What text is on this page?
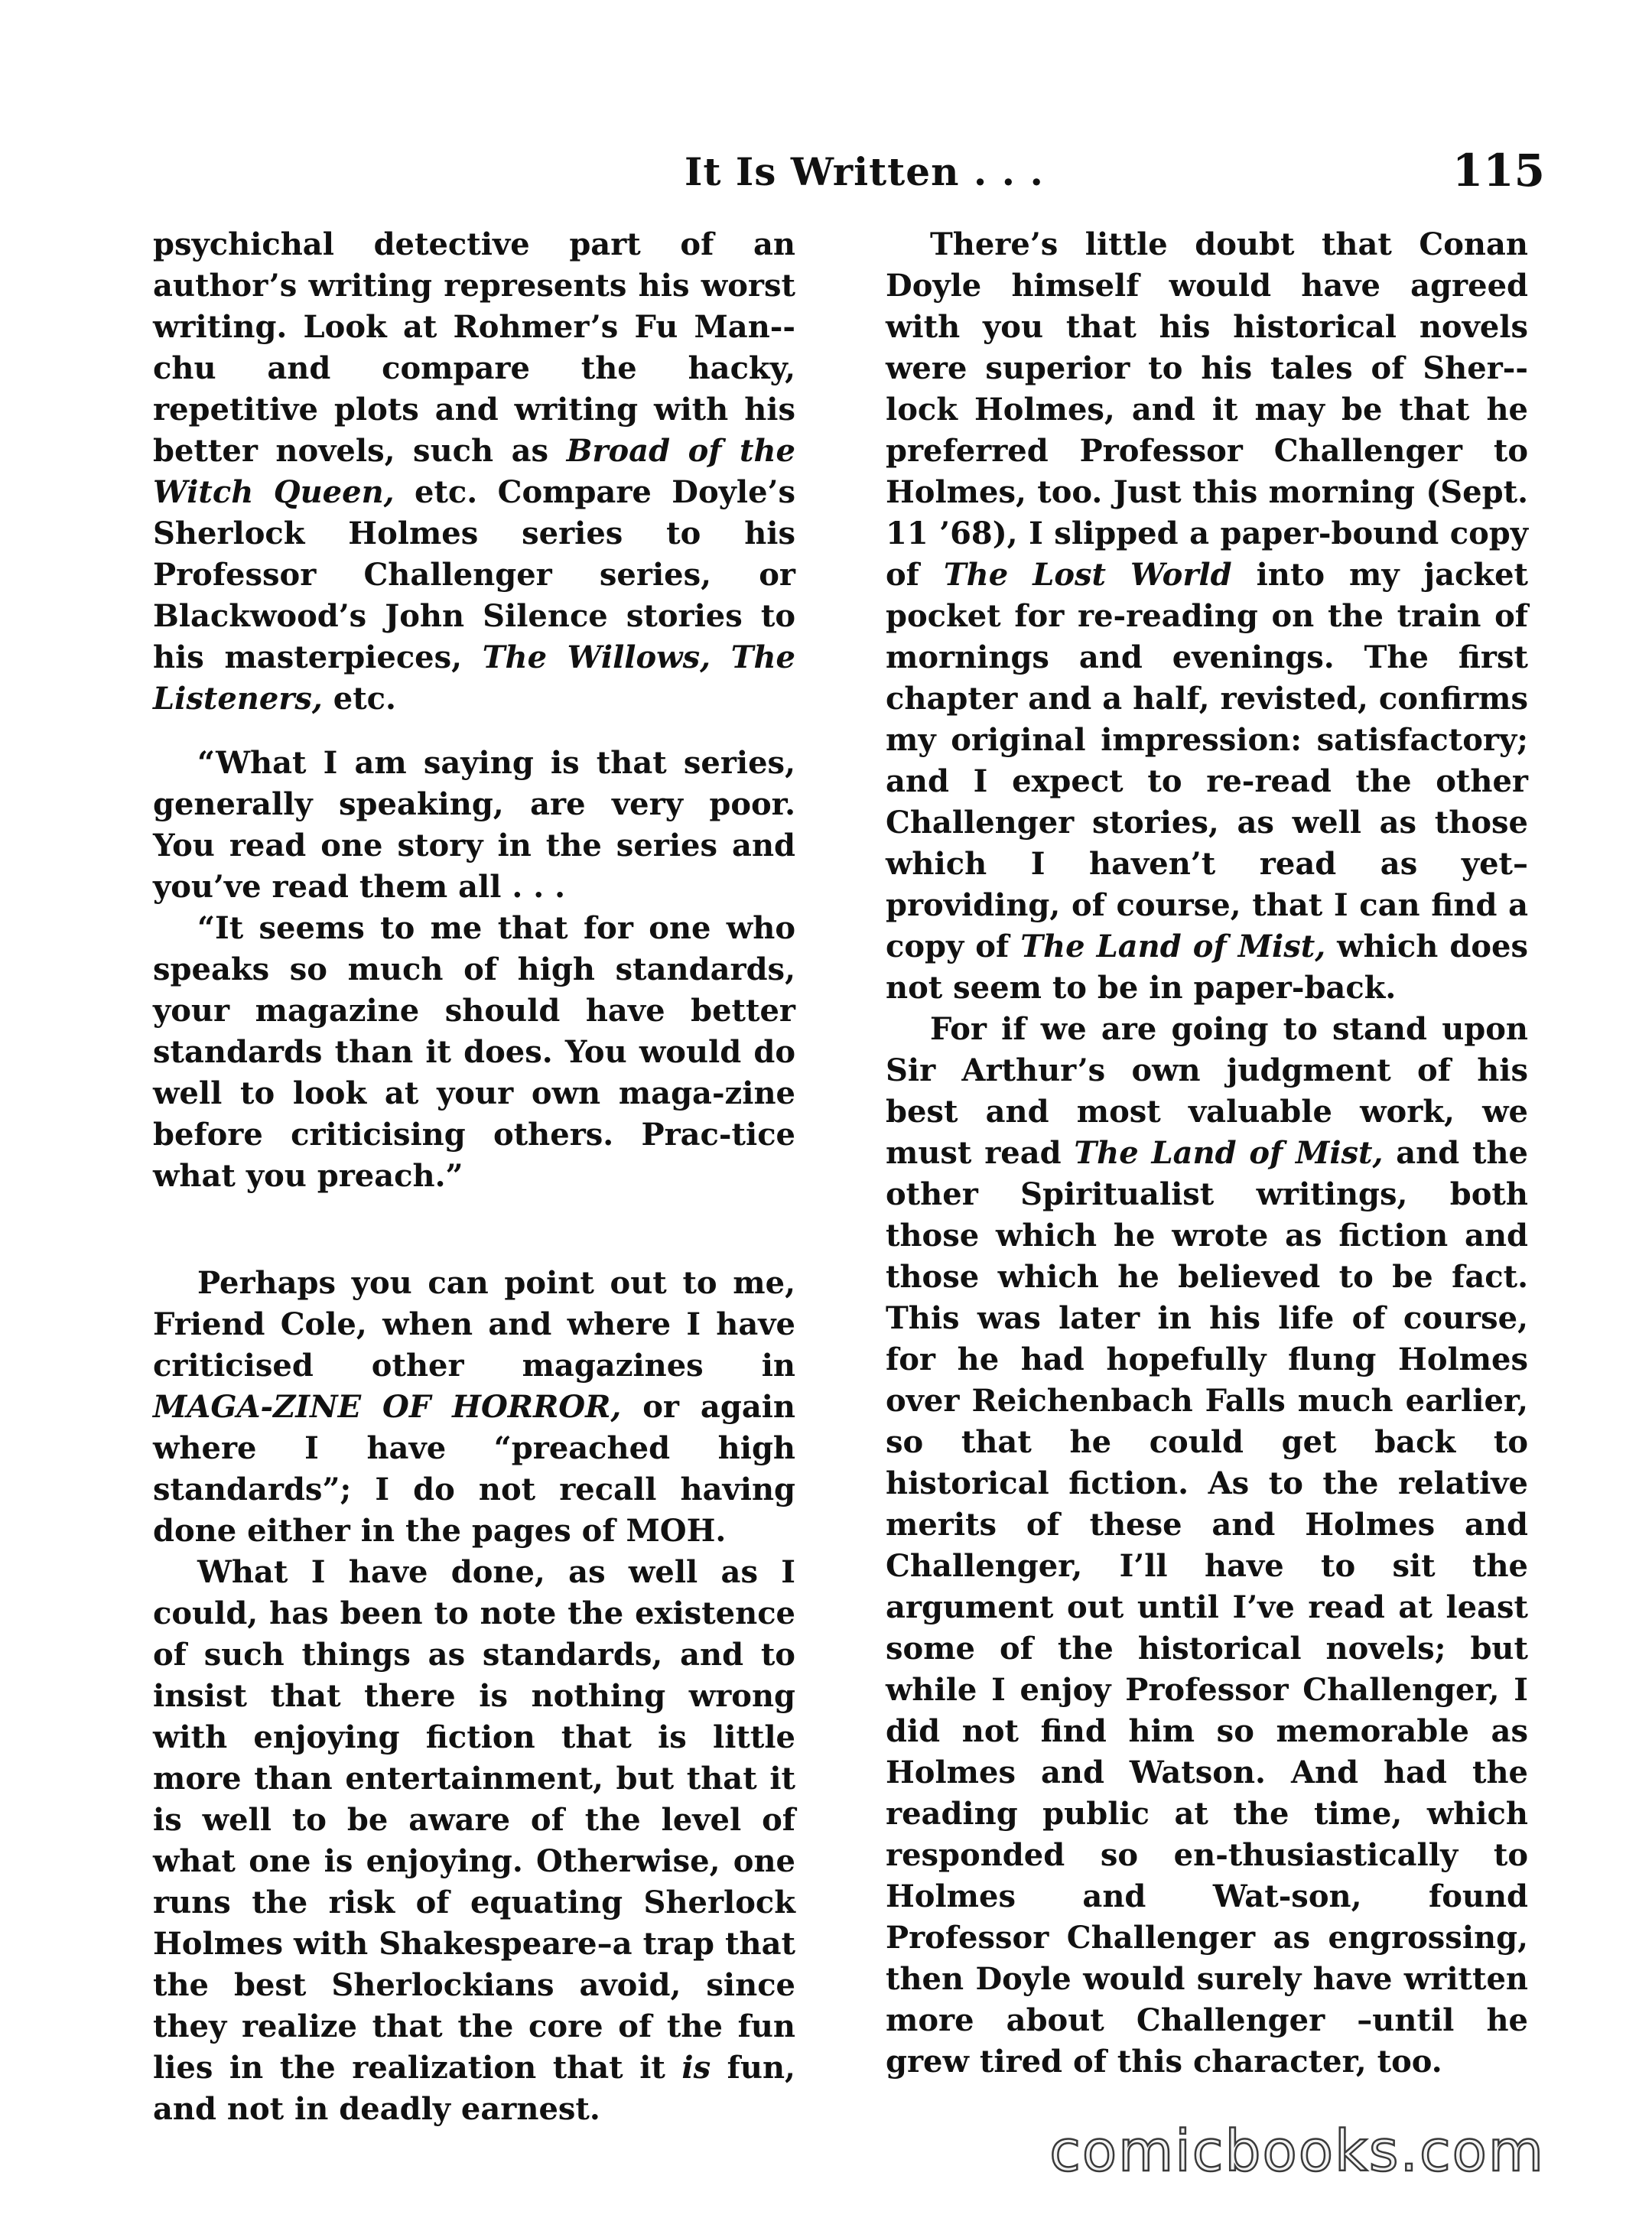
It Is Written . . .	115

psychichal detective part of an author’s writing represents his worst writing. Look at Rohmer’s Fu Man-chu and compare the hacky, repetitive plots and writing with his better novels, such as Broad of the Witch Queen, etc. Compare Doyle’s Sherlock Holmes series to his Professor Challenger series, or Blackwood’s John Silence stories to his masterpieces, The Willows, The Listeners, etc.

“What I am saying is that series, generally speaking, are very poor. You read one story in the series and you’ve read them all . . .

“It seems to me that for one who speaks so much of high standards, your magazine should have better standards than it does. You would do well to look at your own maga-zine before criticising others. Prac-tice what you preach.”

Perhaps you can point out to me, Friend Cole, when and where I have criticised other magazines in MAGA-ZINE OF HORROR, or again where I have “preached high standards”; I do not recall having done either in the pages of MOH.

What I have done, as well as I could, has been to note the existence of such things as standards, and to insist that there is nothing wrong with enjoying fiction that is little more than entertainment, but that it is well to be aware of the level of what one is enjoying. Otherwise, one runs the risk of equating Sherlock Holmes with Shakespeare–a trap that the best Sherlockians avoid, since they realize that the core of the fun lies in the realization that it is fun, and not in deadly earnest.

There’s little doubt that Conan Doyle himself would have agreed with you that his historical novels were superior to his tales of Sher-lock Holmes, and it may be that he preferred Professor Challenger to Holmes, too. Just this morning (Sept. 11 ’68), I slipped a paper-bound copy of The Lost World into my jacket pocket for re-reading on the train of mornings and evenings. The first chapter and a half, revisted, confirms my original impression: satisfactory; and I expect to re-read the other Challenger stories, as well as those which I haven’t read as yet–providing, of course, that I can find a copy of The Land of Mist, which does not seem to be in paper-back.

For if we are going to stand upon Sir Arthur’s own judgment of his best and most valuable work, we must read The Land of Mist, and the other Spiritualist writings, both those which he wrote as fiction and those which he believed to be fact. This was later in his life of course, for he had hopefully flung Holmes over Reichenbach Falls much earlier, so that he could get back to historical fiction. As to the relative merits of these and Holmes and Challenger, I’ll have to sit the argument out until I’ve read at least some of the historical novels; but while I enjoy Professor Challenger, I did not find him so memorable as Holmes and Watson. And had the reading public at the time, which responded so en-thusiastically to Holmes and Wat-son, found Professor Challenger as engrossing, then Doyle would surely have written more about Challenger –until he grew tired of this character, too.

comicbooks.com
